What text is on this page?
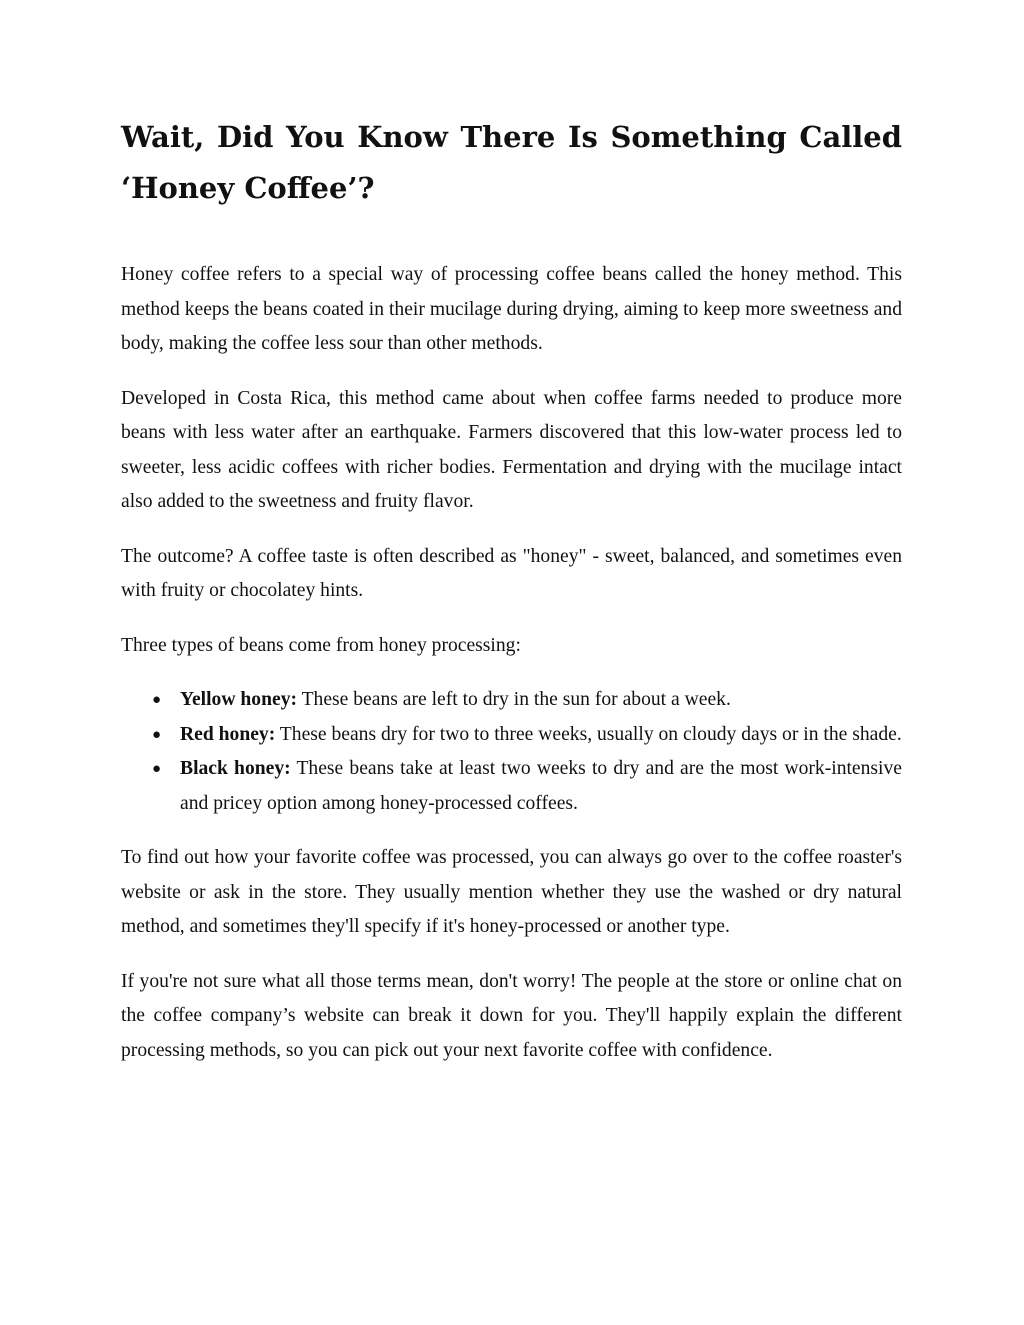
Wait, Did You Know There Is Something Called
‘Honey Coffee’?

Honey coffee refers to a special way of processing coffee beans called the honey method. This method keeps the beans coated in their mucilage during drying, aiming to keep more sweetness and body, making the coffee less sour than other methods.

Developed in Costa Rica, this method came about when coffee farms needed to produce more beans with less water after an earthquake. Farmers discovered that this low-water process led to sweeter, less acidic coffees with richer bodies. Fermentation and drying with the mucilage intact also added to the sweetness and fruity flavor.

The outcome? A coffee taste is often described as "honey" - sweet, balanced, and sometimes even with fruity or chocolatey hints.

Three types of beans come from honey processing:

● Yellow honey: These beans are left to dry in the sun for about a week.
● Red honey: These beans dry for two to three weeks, usually on cloudy days or in the shade.
● Black honey: These beans take at least two weeks to dry and are the most work-intensive and pricey option among honey-processed coffees.

To find out how your favorite coffee was processed, you can always go over to the coffee roaster's website or ask in the store. They usually mention whether they use the washed or dry natural method, and sometimes they'll specify if it's honey-processed or another type.

If you're not sure what all those terms mean, don't worry! The people at the store or online chat on the coffee company’s website can break it down for you. They'll happily explain the different processing methods, so you can pick out your next favorite coffee with confidence.
